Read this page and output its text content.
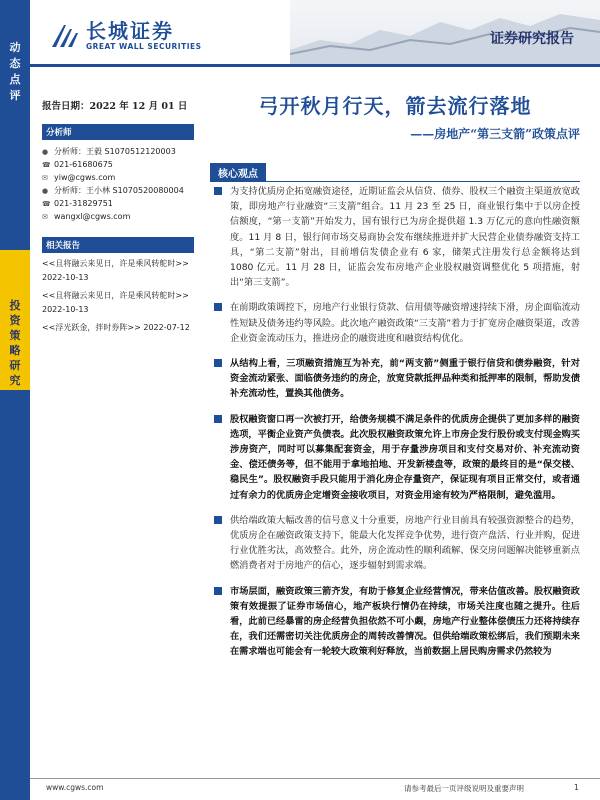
动
态
点
评
投
资
策
略
研
究
长城证券
GREAT WALL SECURITIES	证券研究报告
报告日期：2022 年 12 月 01 日
分析师
● 分析师：王毅 S1070512120003
☎ 021-61680675
✉ yiw@cgws.com
● 分析师：王小林 S1070520080004
☎ 021-31829751
✉ wangxl@cgws.com
相关报告
<<且将融云来见日，许是乘风转舵时>>
2022-10-13
<<且将融云来见日，许是乘风转舵时>>
2022-10-13
<<浮光跃金，拌时券阵>> 2022-07-12
弓开秋月行天，箭去流行落地
——房地产“第三支箭”政策点评
核心观点
为支持优质房企拓宽融资途径，近期证监会从信贷、债券、股权三个融资主渠道放宽政策，即房地产行业融资“三支箭”组合。11 月 23 至 25 日，商业银行集中于以房企授信额度，“第一支箭”开始发力，国有银行已为房企提供超 1.3 万亿元的意向性融资额度。11 月 8 日，银行间市场交易商协会发布继续推进并扩大民营企业债券融资支持工具，“第二支箭”射出，目前增信发债企业有 6 家，储架式注册发行总金额将达到 1080 亿元。11 月 28 日，证监会发布房地产企业股权融资调整优化 5 项措施，射出“第三支箭”。
在前期政策调控下，房地产行业银行贷款、信用债等融资增速持续下滑，房企面临流动性短缺及债务违约等风险。此次地产融资政策“三支箭”着力于扩宽房企融资渠道，改善企业资金流动压力，推进房企的融资进度和融资结构优化。
从结构上看，三项融资措施互为补充，前“两支箭”侧重于银行信贷和债券融资，针对资金流动紧张、面临债务违约的房企，放宽贷款抵押品种类和抵押率的限制，帮助发债补充流动性，置换其他债务。
股权融资窗口再一次被打开，给债务规模不满足条件的优质房企提供了更加多样的融资选项，平衡企业资产负债表。此次股权融资政策允许上市房企发行股份或支付现金购买涉房资产，同时可以募集配套资金，用于存量涉房项目和支付交易对价、补充流动资金、偿还债务等，但不能用于拿地拍地、开发新楼盘等，政策的最终目的是“保交楼、稳民生”。股权融资手段只能用于消化房企存量资产，保证现有项目正常交付，或者通过有余力的优质房企定增资金接收项目，对资金用途有较为严格限制，避免滥用。
供给端政策大幅改善的信号意义十分重要，房地产行业目前具有较强资源整合的趋势，优质房企在融资政策支持下，能最大化发挥竞争优势，进行资产盘活、行业并购，促进行业优胜劣汰，高效整合。此外，房企流动性的顺利疏解、保交房问题解决能够重新点燃消费者对于房地产的信心，逐步辐射到需求端。
市场层面，融资政策三箭齐发，有助于修复企业经营情况，带来估值改善。股权融资政策有效提振了证券市场信心，地产板块行情仍在持续，市场关注度也随之提升。往后看，此前已经暴雷的房企经营负担依然不可小觑，房地产行业整体偿债压力还将持续存在，我们还需密切关注优质房企的周转改善情况。但供给端政策松绑后，我们预期未来在需求端也可能会有一轮较大政策利好释放，当前数据上居民购房需求仍然较为
www.cgws.com	请参考最后一页评级说明及重要声明	1
